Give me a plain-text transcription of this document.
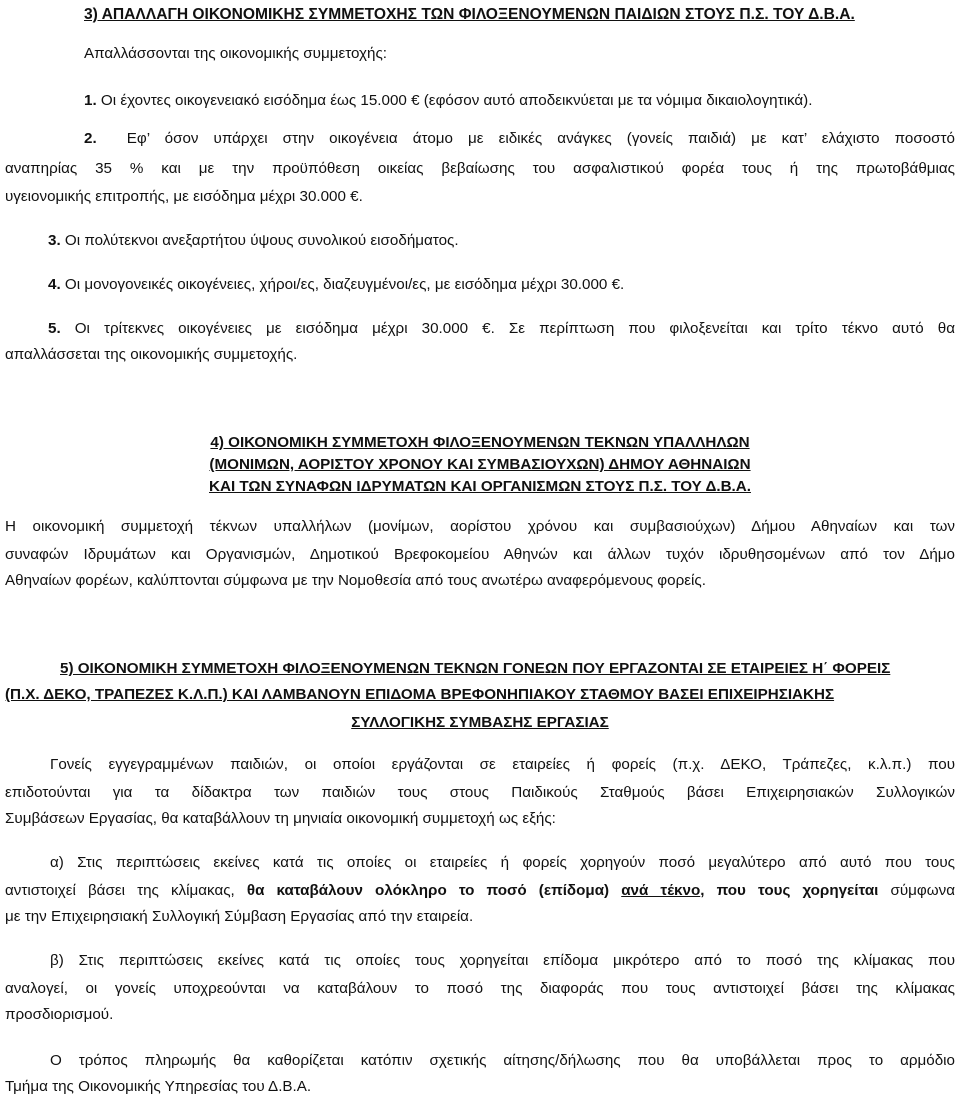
3) ΑΠΑΛΛΑΓΗ ΟΙΚΟΝΟΜΙΚΗΣ ΣΥΜΜΕΤΟΧΗΣ ΤΩΝ ΦΙΛΟΞΕΝΟΥΜΕΝΩΝ ΠΑΙΔΙΩΝ ΣΤΟΥΣ Π.Σ. ΤΟΥ Δ.Β.Α.
Απαλλάσσονται της οικονομικής συμμετοχής:
1. Οι έχοντες οικογενειακό εισόδημα έως 15.000 € (εφόσον αυτό αποδεικνύεται με τα νόμιμα δικαιολογητικά).
2. Εφ’ όσον υπάρχει στην οικογένεια άτομο με ειδικές ανάγκες (γονείς παιδιά) με κατ’ ελάχιστο ποσοστό
αναπηρίας 35 % και με την προϋπόθεση οικείας βεβαίωσης του ασφαλιστικού φορέα τους ή της πρωτοβάθμιας
υγειονομικής επιτροπής, με εισόδημα μέχρι 30.000 €.
3. Οι πολύτεκνοι ανεξαρτήτου ύψους συνολικού εισοδήματος.
4. Οι μονογονεικές οικογένειες, χήροι/ες, διαζευγμένοι/ες, με εισόδημα μέχρι 30.000 €.
5. Οι τρίτεκνες οικογένειες με εισόδημα μέχρι 30.000 €. Σε περίπτωση που φιλοξενείται και τρίτο τέκνο αυτό θα
απαλλάσσεται της οικονομικής συμμετοχής.
4) ΟΙΚΟΝΟΜΙΚΗ ΣΥΜΜΕΤΟΧΗ ΦΙΛΟΞΕΝΟΥΜΕΝΩΝ ΤΕΚΝΩΝ ΥΠΑΛΛΗΛΩΝ
(ΜΟΝΙΜΩΝ, ΑΟΡΙΣΤΟΥ ΧΡΟΝΟΥ ΚΑΙ ΣΥΜΒΑΣΙΟΥΧΩΝ) ΔΗΜΟΥ ΑΘΗΝΑΙΩΝ
ΚΑΙ ΤΩΝ ΣΥΝΑΦΩΝ ΙΔΡΥΜΑΤΩΝ ΚΑΙ ΟΡΓΑΝΙΣΜΩΝ ΣΤΟΥΣ Π.Σ. ΤΟΥ Δ.Β.Α.
Η οικονομική συμμετοχή τέκνων υπαλλήλων (μονίμων, αορίστου χρόνου και συμβασιούχων) Δήμου Αθηναίων και των
συναφών Ιδρυμάτων και Οργανισμών, Δημοτικού Βρεφοκομείου Αθηνών και άλλων τυχόν ιδρυθησομένων από τον Δήμο
Αθηναίων φορέων, καλύπτονται σύμφωνα με την Νομοθεσία από τους ανωτέρω αναφερόμενους φορείς.
5) ΟΙΚΟΝΟΜΙΚΗ ΣΥΜΜΕΤΟΧΗ ΦΙΛΟΞΕΝΟΥΜΕΝΩΝ ΤΕΚΝΩΝ ΓΟΝΕΩΝ ΠΟΥ ΕΡΓΑΖΟΝΤΑΙ ΣΕ ΕΤΑΙΡΕΙΕΣ Η΄ ΦΟΡΕΙΣ
(Π.Χ. ΔΕΚΟ, ΤΡΑΠΕΖΕΣ Κ.Λ.Π.) ΚΑΙ ΛΑΜΒΑΝΟΥΝ ΕΠΙΔΟΜΑ ΒΡΕΦΟΝΗΠΙΑΚΟΥ ΣΤΑΘΜΟΥ ΒΑΣΕΙ ΕΠΙΧΕΙΡΗΣΙΑΚΗΣ
ΣΥΛΛΟΓΙΚΗΣ ΣΥΜΒΑΣΗΣ ΕΡΓΑΣΙΑΣ
Γονείς εγγεγραμμένων παιδιών, οι οποίοι εργάζονται σε εταιρείες ή φορείς (π.χ. ΔΕΚΟ, Τράπεζες, κ.λ.π.) που
επιδοτούνται για τα δίδακτρα των παιδιών τους στους Παιδικούς Σταθμούς βάσει Επιχειρησιακών Συλλογικών
Συμβάσεων Εργασίας, θα καταβάλλουν τη μηνιαία οικονομική συμμετοχή ως εξής:
α) Στις περιπτώσεις εκείνες κατά τις οποίες οι εταιρείες ή φορείς χορηγούν ποσό μεγαλύτερο από αυτό που τους
αντιστοιχεί βάσει της κλίμακας, θα καταβάλουν ολόκληρο το ποσό (επίδομα) ανά τέκνο, που τους χορηγείται σύμφωνα
με την Επιχειρησιακή Συλλογική Σύμβαση Εργασίας από την εταιρεία.
β) Στις περιπτώσεις εκείνες κατά τις οποίες τους χορηγείται επίδομα μικρότερο από το ποσό της κλίμακας που
αναλογεί, οι γονείς υποχρεούνται να καταβάλουν το ποσό της διαφοράς που τους αντιστοιχεί βάσει της κλίμακας
προσδιορισμού.
Ο τρόπος πληρωμής θα καθορίζεται κατόπιν σχετικής αίτησης/δήλωσης που θα υποβάλλεται προς το αρμόδιο
Τμήμα της Οικονομικής Υπηρεσίας του Δ.Β.Α.
